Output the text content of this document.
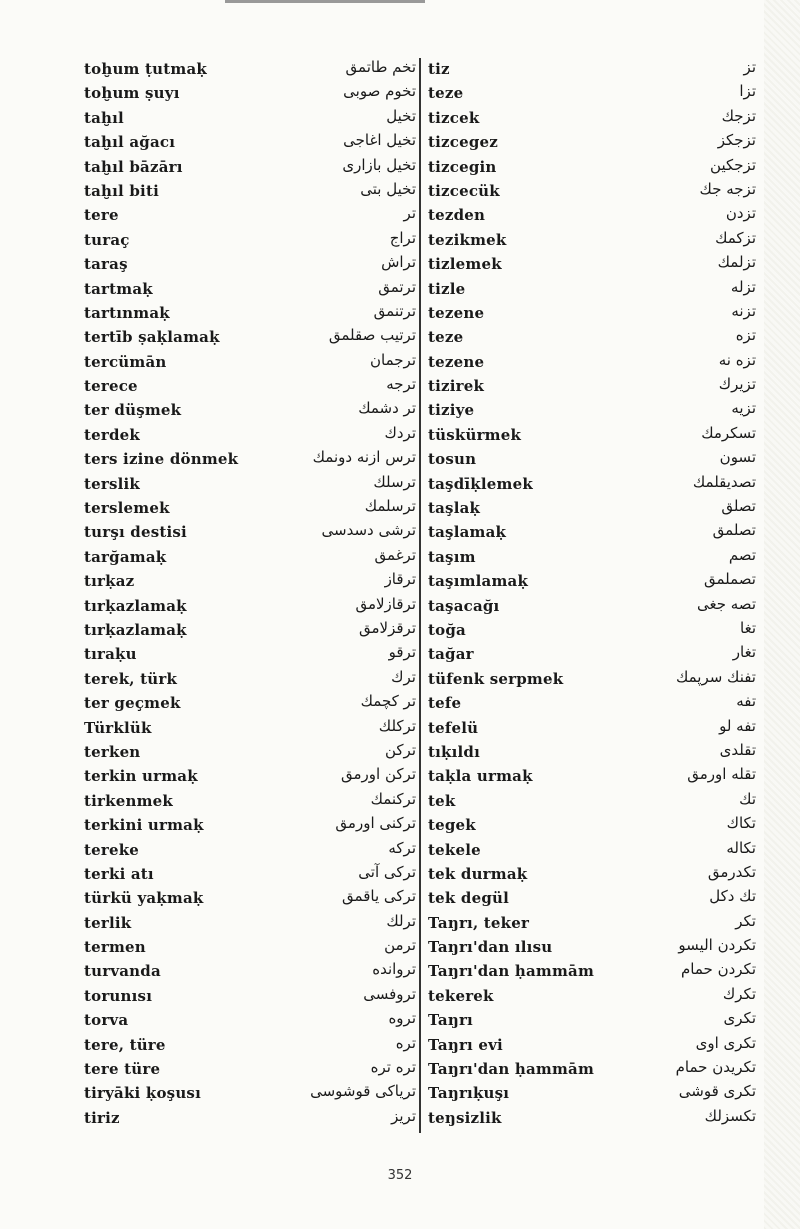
toḫum ṭutmaḳ	تخم طاتمق
toḫum ṣuyı	تخوم صوبى
taḫıl	تخيل
taḫıl ağacı	تخيل اغاجى
taḫıl bāzārı	تخيل بازارى
taḫıl biti	تخيل بتى
tere	تر
turaç	تراج
taraş	تراش
tartmaḳ	ترتمق
tartınmaḳ	ترتنمق
tertīb ṣaḳlamaḳ	ترتيب صقلمق
tercümān	ترجمان
terece	ترجه
ter düşmek	تر دشمك
terdek	تردك
ters izine dönmek	ترس ازنه دونمك
terslik	ترسلك
terslemek	ترسلمك
turşı destisi	ترشى دسدسى
tarğamaḳ	ترغمق
tırḳaz	ترقاز
tırḳazlamaḳ	ترقازلامق
tırḳazlamaḳ	ترقزلامق
tıraḳu	ترقو
terek, türk	ترك
ter geçmek	تر كچمك
Türklük	تركلك
terken	تركن
terkin urmaḳ	تركن اورمق
tirkenmek	تركنمك
terkini urmaḳ	تركنى اورمق
tereke	تركه
terki atı	تركى آتى
türkü yaḳmaḳ	تركى ياقمق
terlik	ترلك
termen	ترمن
turvanda	تروانده
torunısı	تروفسى
torva	تروه
tere, türe	تره
tere türe	تره تره
tiryāki ḳoşusı	ترياكى قوشوسى
tiriz	تريز
tiz	تز
teze	تزا
tizcek	تزجك
tizcegez	تزجكز
tizcegin	تزجكين
tizcecük	تزجه جك
tezden	تزدن
tezikmek	تزكمك
tizlemek	تزلمك
tizle	تزله
tezene	تزنه
teze	تزه
tezene	تزه نه
tizirek	تزيرك
tiziye	تزيه
tüskürmek	تسكرمك
tosun	تسون
taşdīḳlemek	تصديقلمك
taşlaḳ	تصلق
taşlamaḳ	تصلمق
taşım	تصم
taşımlamaḳ	تصملمق
taşacağı	تصه جغى
toğa	تغا
tağar	تغار
tüfenk serpmek	تفنك سرپمك
tefe	تفه
tefelü	تفه لو
tıḳıldı	تقلدى
taḳla urmaḳ	تقله اورمق
tek	تك
tegek	تكاك
tekele	تكاله
tek durmaḳ	تكدرمق
tek degül	تك دكل
Taŋrı, teker	تكر
Taŋrı'dan ılısu	تكردن الیسو
Taŋrı'dan ḥammām	تكردن حمام
tekerek	تكرك
Taŋrı	تكرى
Taŋrı evi	تكرى اوى
Taŋrı'dan ḥammām	تكريدن حمام
Taŋrıḳuşı	تكرى قوشى
teŋsizlik	تكسزلك
352
